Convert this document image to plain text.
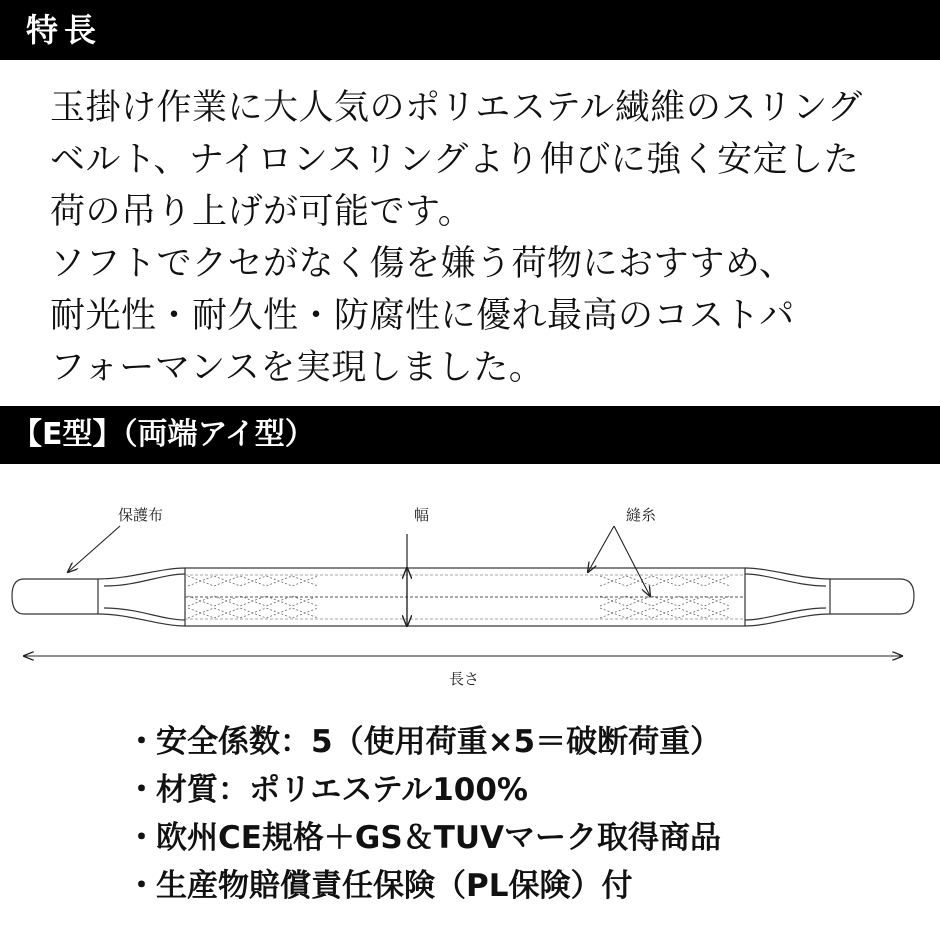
特長
玉掛け作業に大人気のポリエステル繊維のスリング
ベルト、ナイロンスリングより伸びに強く安定した
荷の吊り上げが可能です。
ソフトでクセがなく傷を嫌う荷物におすすめ、
耐光性・耐久性・防腐性に優れ最高のコストパ
フォーマンスを実現しました。
【E型】（両端アイ型）
保護布	幅	縫糸
長さ
・安全係数：5（使用荷重×5＝破断荷重）
・材質：ポリエステル100%
・欧州CE規格＋GS＆TUVマーク取得商品
・生産物賠償責任保険（PL保険）付
